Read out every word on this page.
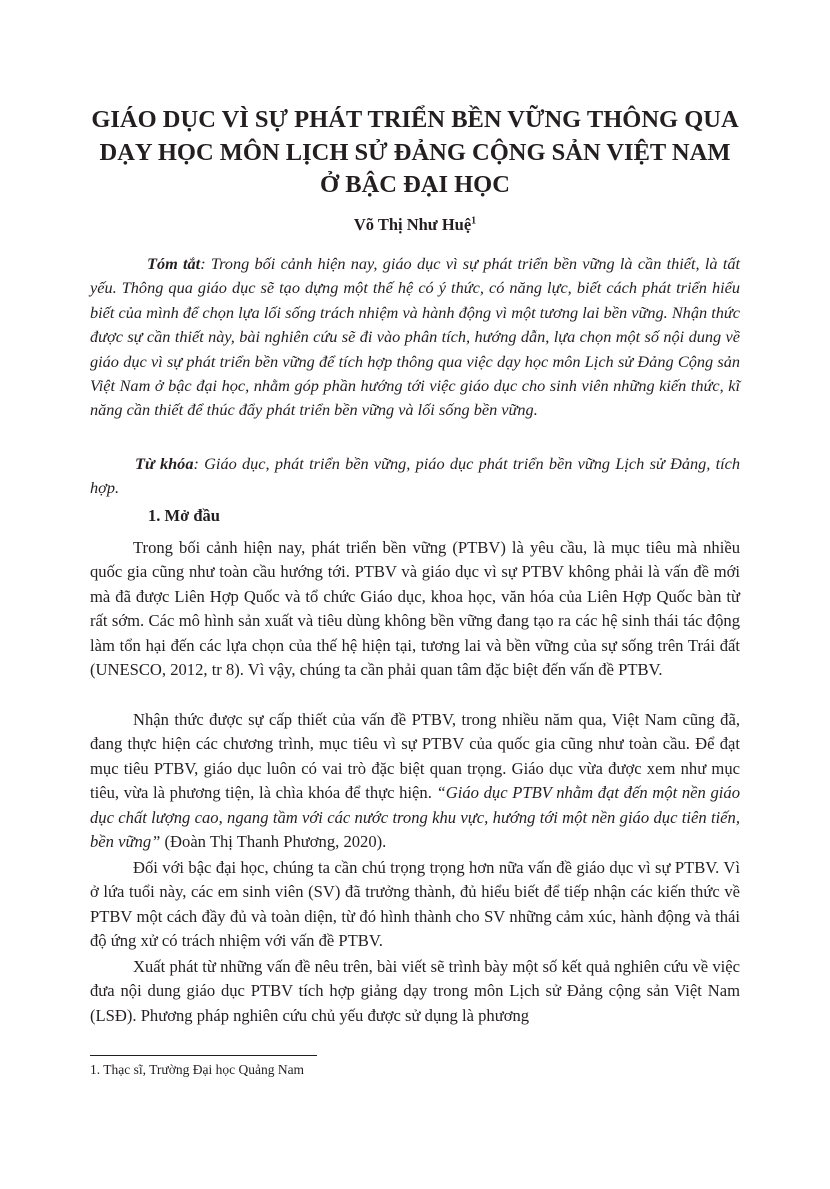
GIÁO DỤC VÌ SỰ PHÁT TRIỂN BỀN VỮNG THÔNG QUA
DẠY HỌC MÔN LỊCH SỬ ĐẢNG CỘNG SẢN VIỆT NAM
Ở BẬC ĐẠI HỌC

Võ Thị Như Huệ$^1$

Tóm tắt: Trong bối cảnh hiện nay, giáo dục vì sự phát triển bền vững là cần thiết, là tất yếu. Thông qua giáo dục sẽ tạo dựng một thế hệ có ý thức, có năng lực, biết cách phát triển hiểu biết của mình để chọn lựa lối sống trách nhiệm và hành động vì một tương lai bền vững. Nhận thức được sự cần thiết này, bài nghiên cứu sẽ đi vào phân tích, hướng dẫn, lựa chọn một số nội dung về giáo dục vì sự phát triển bền vững để tích hợp thông qua việc dạy học môn Lịch sử Đảng Cộng sản Việt Nam ở bậc đại học, nhằm góp phần hướng tới việc giáo dục cho sinh viên những kiến thức, kĩ năng cần thiết để thúc đẩy phát triển bền vững và lối sống bền vững.

Từ khóa: Giáo dục, phát triển bền vững, piáo dục phát triển bền vững Lịch sử Đảng, tích hợp.

1. Mở đầu

Trong bối cảnh hiện nay, phát triển bền vững (PTBV) là yêu cầu, là mục tiêu mà nhiều quốc gia cũng như toàn cầu hướng tới. PTBV và giáo dục vì sự PTBV không phải là vấn đề mới mà đã được Liên Hợp Quốc và tổ chức Giáo dục, khoa học, văn hóa của Liên Hợp Quốc bàn từ rất sớm. Các mô hình sản xuất và tiêu dùng không bền vững đang tạo ra các hệ sinh thái tác động làm tổn hại đến các lựa chọn của thế hệ hiện tại, tương lai và bền vững của sự sống trên Trái đất (UNESCO, 2012, tr 8). Vì vậy, chúng ta cần phải quan tâm đặc biệt đến vấn đề PTBV.

Nhận thức được sự cấp thiết của vấn đề PTBV, trong nhiều năm qua, Việt Nam cũng đã, đang thực hiện các chương trình, mục tiêu vì sự PTBV của quốc gia cũng như toàn cầu. Để đạt mục tiêu PTBV, giáo dục luôn có vai trò đặc biệt quan trọng. Giáo dục vừa được xem như mục tiêu, vừa là phương tiện, là chìa khóa để thực hiện. “Giáo dục PTBV nhằm đạt đến một nền giáo dục chất lượng cao, ngang tầm với các nước trong khu vực, hướng tới một nền giáo dục tiên tiến, bền vững” (Đoàn Thị Thanh Phương, 2020).

Đối với bậc đại học, chúng ta cần chú trọng trọng hơn nữa vấn đề giáo dục vì sự PTBV. Vì ở lứa tuổi này, các em sinh viên (SV) đã trưởng thành, đủ hiểu biết để tiếp nhận các kiến thức về PTBV một cách đầy đủ và toàn diện, từ đó hình thành cho SV những cảm xúc, hành động và thái độ ứng xử có trách nhiệm với vấn đề PTBV.

Xuất phát từ những vấn đề nêu trên, bài viết sẽ trình bày một số kết quả nghiên cứu về việc đưa nội dung giáo dục PTBV tích hợp giảng dạy trong môn Lịch sử Đảng cộng sản Việt Nam (LSĐ). Phương pháp nghiên cứu chủ yếu được sử dụng là phương

1. Thạc sĩ, Trường Đại học Quảng Nam
